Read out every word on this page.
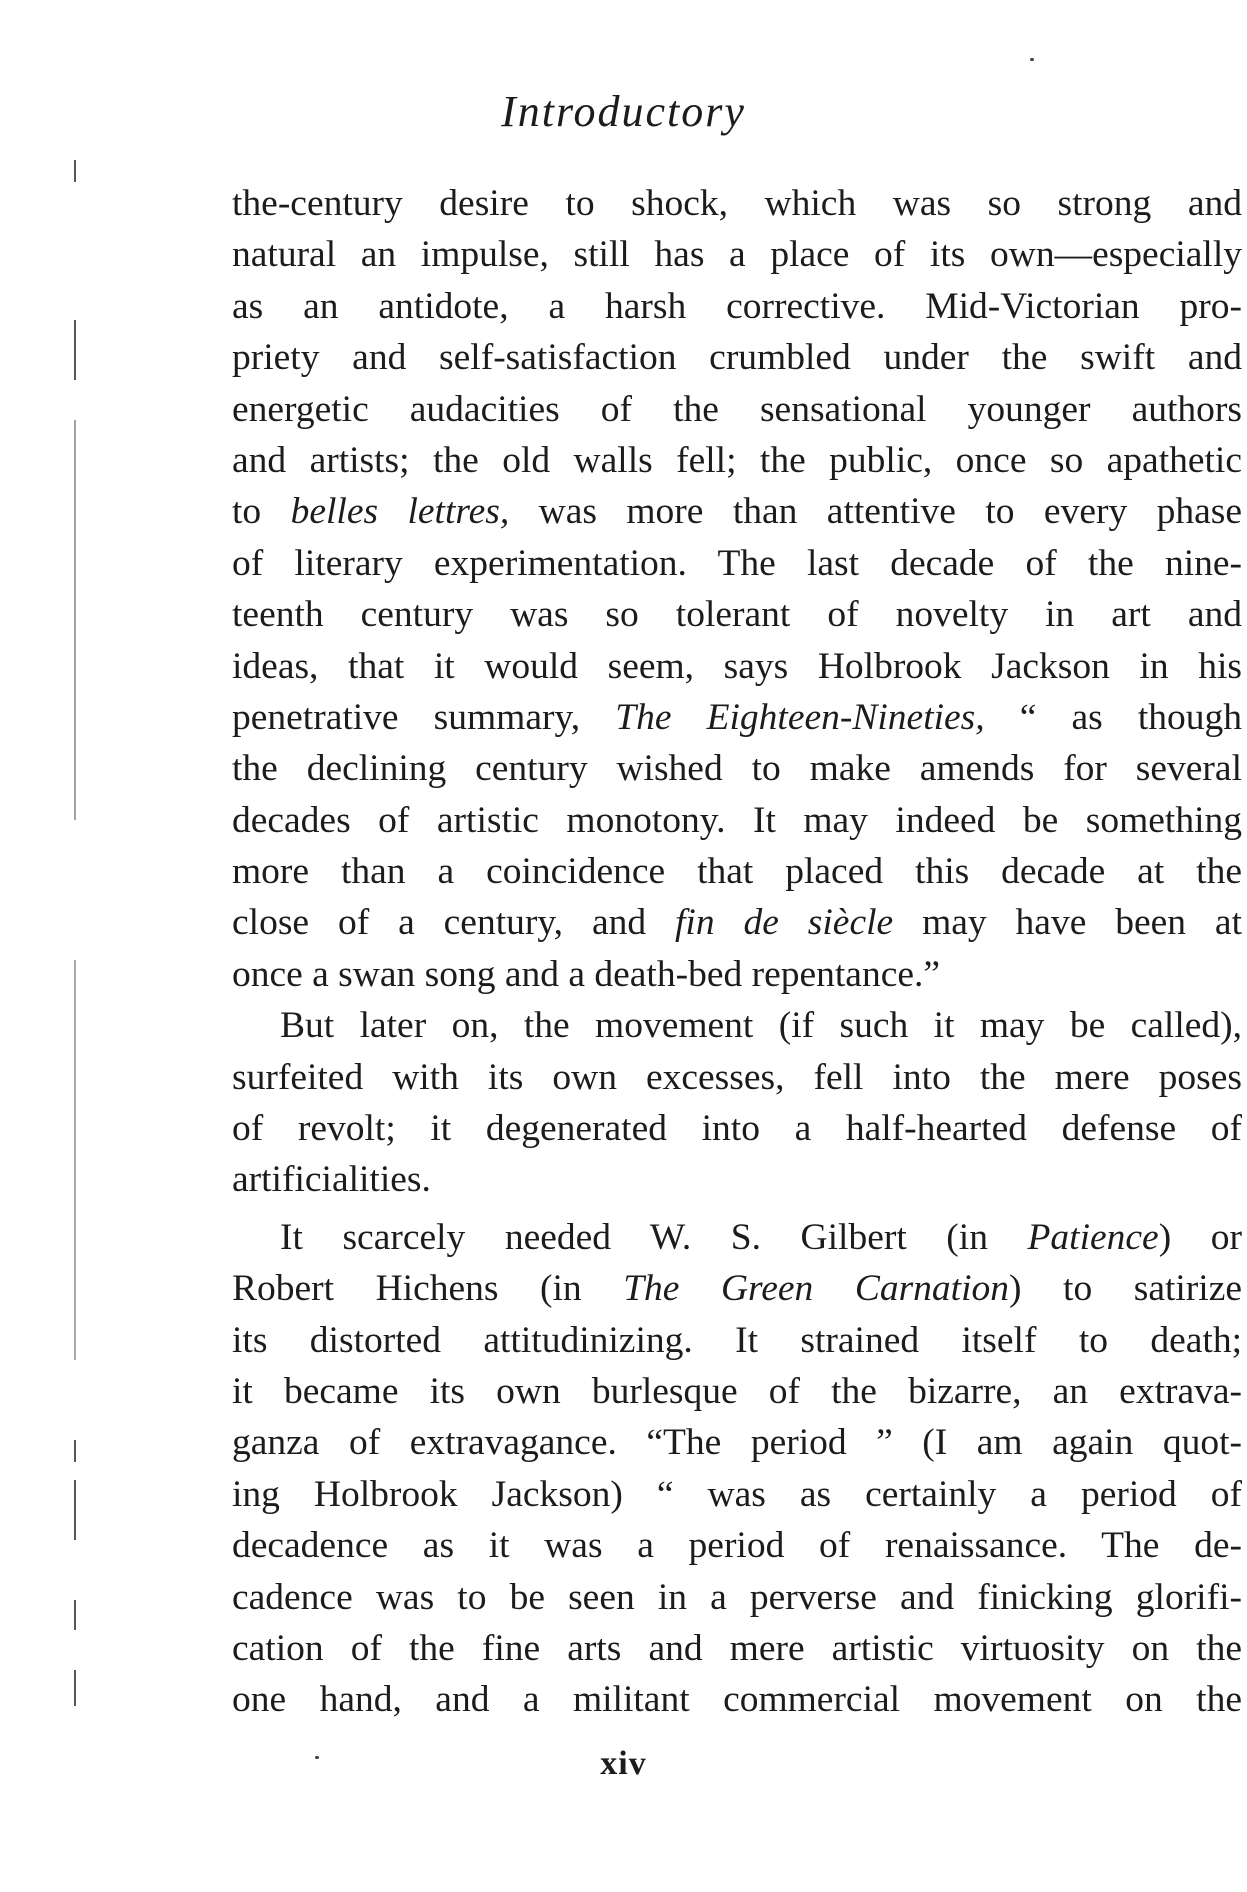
Introductory
the-century desire to shock, which was so strong and
natural an impulse, still has a place of its own—especially
as an antidote, a harsh corrective. Mid-Victorian pro-
priety and self-satisfaction crumbled under the swift and
energetic audacities of the sensational younger authors
and artists; the old walls fell; the public, once so apathetic
to belles lettres, was more than attentive to every phase
of literary experimentation. The last decade of the nine-
teenth century was so tolerant of novelty in art and
ideas, that it would seem, says Holbrook Jackson in his
penetrative summary, The Eighteen-Nineties, “ as though
the declining century wished to make amends for several
decades of artistic monotony. It may indeed be something
more than a coincidence that placed this decade at the
close of a century, and fin de siècle may have been at
once a swan song and a death-bed repentance.”
But later on, the movement (if such it may be called),
surfeited with its own excesses, fell into the mere poses
of revolt; it degenerated into a half-hearted defense of
artificialities.
It scarcely needed W. S. Gilbert (in Patience) or
Robert Hichens (in The Green Carnation) to satirize
its distorted attitudinizing. It strained itself to death;
it became its own burlesque of the bizarre, an extrava-
ganza of extravagance. “The period ” (I am again quot-
ing Holbrook Jackson) “ was as certainly a period of
decadence as it was a period of renaissance. The de-
cadence was to be seen in a perverse and finicking glorifi-
cation of the fine arts and mere artistic virtuosity on the
one hand, and a militant commercial movement on the
xiv
